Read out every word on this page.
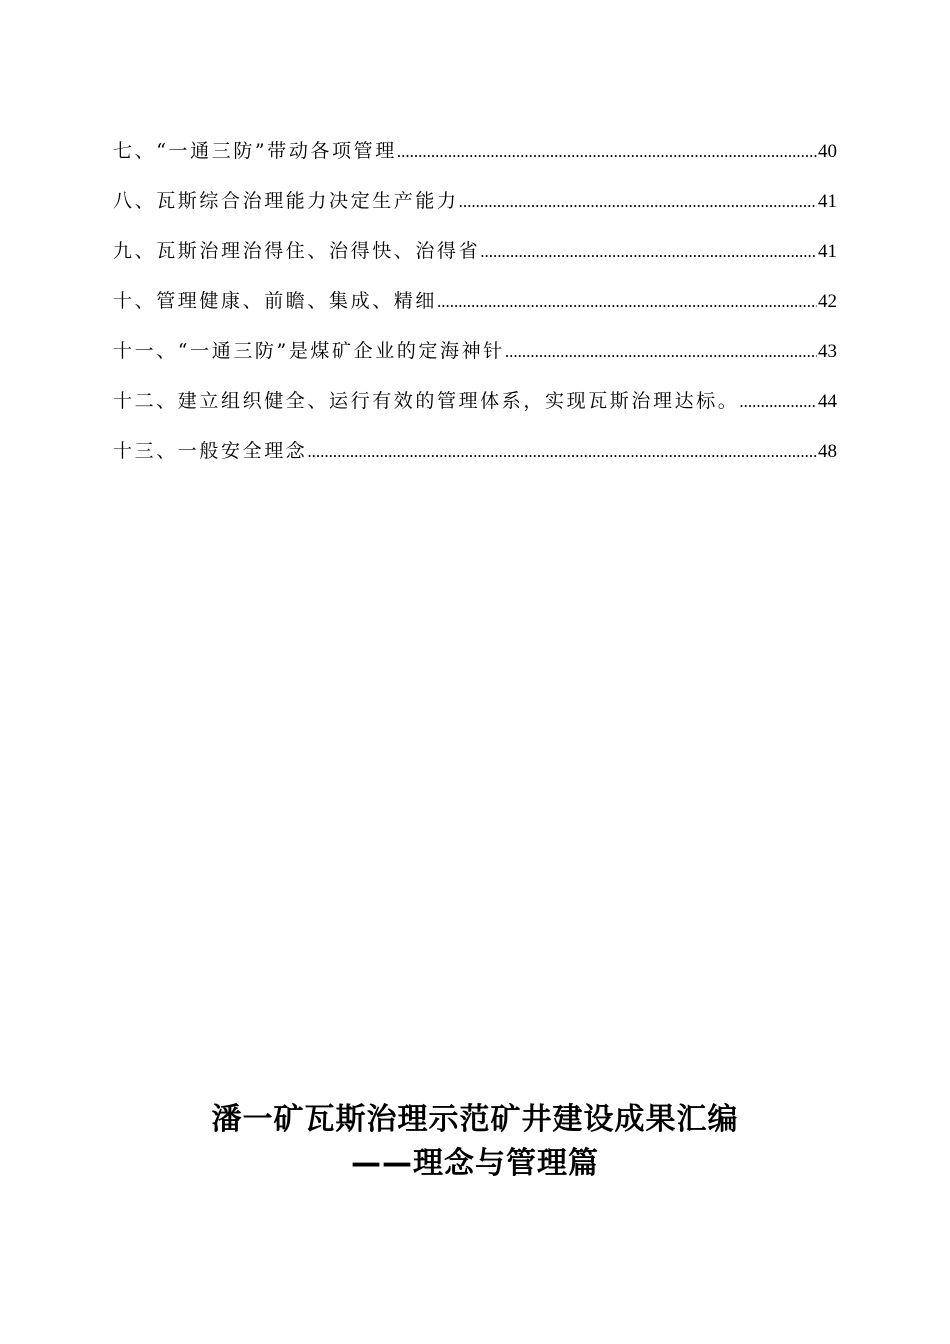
七、“一通三防”带动各项管理 .....	40
八、瓦斯综合治理能力决定生产能力 .....	41
九、瓦斯治理治得住、治得快、治得省 .....	41
十、管理健康、前瞻、集成、精细 .....	42
十一、“一通三防”是煤矿企业的定海神针 .....	43
十二、建立组织健全、运行有效的管理体系，实现瓦斯治理达标。 .....	44
十三、一般安全理念 .....	48
潘一矿瓦斯治理示范矿井建设成果汇编
——理念与管理篇
